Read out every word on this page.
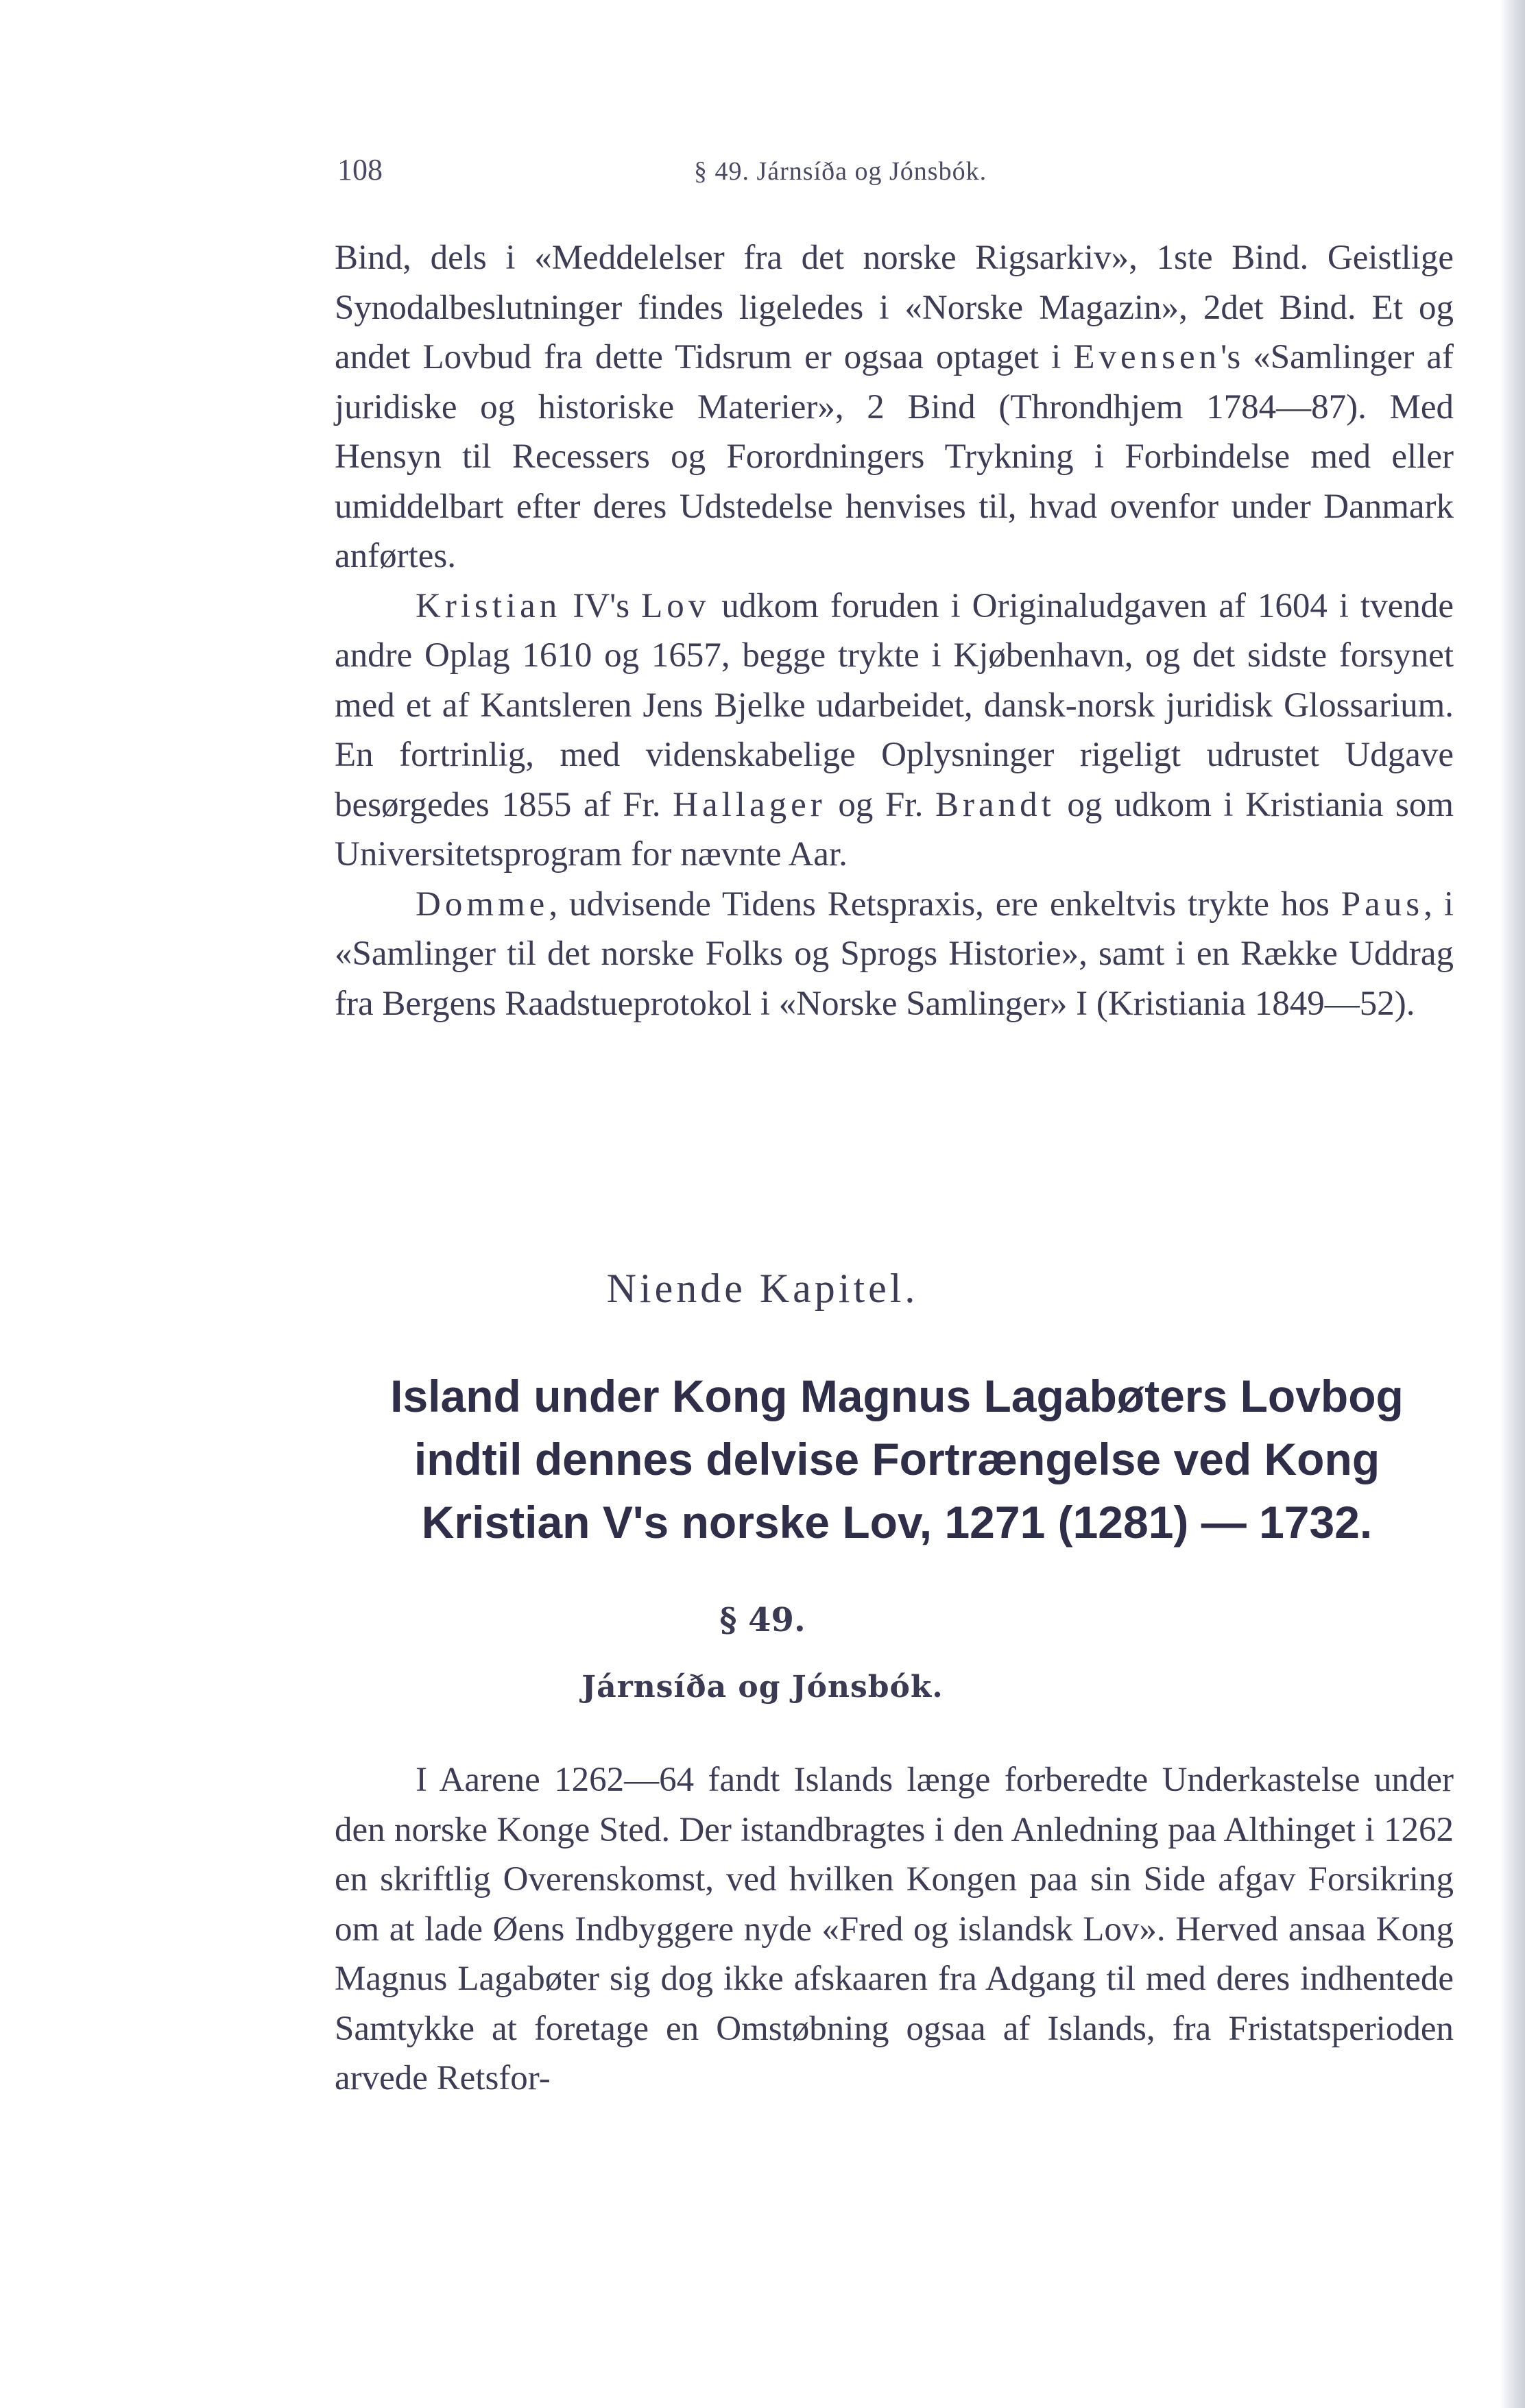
108	§ 49. Járnsíða og Jónsbók.

Bind, dels i «Meddelelser fra det norske Rigsarkiv», 1ste Bind. Geistlige Synodalbeslutninger findes ligeledes i «Norske Magazin», 2det Bind. Et og andet Lovbud fra dette Tidsrum er ogsaa optaget i Evensen's «Samlinger af juridiske og historiske Materier», 2 Bind (Throndhjem 1784—87). Med Hensyn til Recessers og Forordningers Trykning i Forbindelse med eller umiddelbart efter deres Udstedelse henvises til, hvad ovenfor under Danmark anførtes.

Kristian IV's Lov udkom foruden i Originaludgaven af 1604 i tvende andre Oplag 1610 og 1657, begge trykte i Kjøbenhavn, og det sidste forsynet med et af Kantsleren Jens Bjelke udarbeidet, dansk-norsk juridisk Glossarium. En fortrinlig, med videnskabelige Oplysninger rigeligt udrustet Udgave besørgedes 1855 af Fr. Hallager og Fr. Brandt og udkom i Kristiania som Universitetsprogram for nævnte Aar.

Domme, udvisende Tidens Retspraxis, ere enkeltvis trykte hos Paus, i «Samlinger til det norske Folks og Sprogs Historie», samt i en Række Uddrag fra Bergens Raadstueprotokol i «Norske Samlinger» I (Kristiania 1849—52).

Niende Kapitel.
Island under Kong Magnus Lagabøters Lovbog indtil dennes delvise Fortrængelse ved Kong Kristian V's norske Lov, 1271 (1281) — 1732.
§ 49.
Járnsíða og Jónsbók.

I Aarene 1262—64 fandt Islands længe forberedte Underkastelse under den norske Konge Sted. Der istandbragtes i den Anledning paa Althinget i 1262 en skriftlig Overenskomst, ved hvilken Kongen paa sin Side afgav Forsikring om at lade Øens Indbyggere nyde «Fred og islandsk Lov». Herved ansaa Kong Magnus Lagabøter sig dog ikke afskaaren fra Adgang til med deres indhentede Samtykke at foretage en Omstøbning ogsaa af Islands, fra Fristatsperioden arvede Retsfor-
